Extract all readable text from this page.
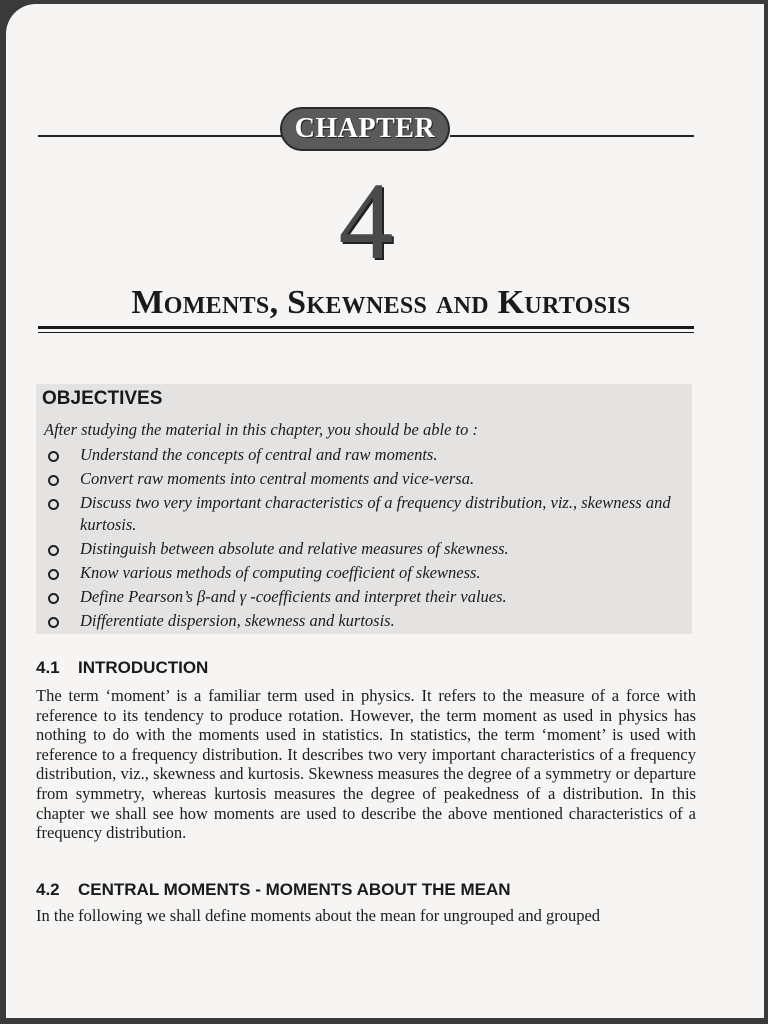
CHAPTER
4
Moments, Skewness and Kurtosis
OBJECTIVES
After studying the material in this chapter, you should be able to :
Understand the concepts of central and raw moments.
Convert raw moments into central moments and vice-versa.
Discuss two very important characteristics of a frequency distribution, viz., skewness and kurtosis.
Distinguish between absolute and relative measures of skewness.
Know various methods of computing coefficient of skewness.
Define Pearson’s β-and γ -coefficients and interpret their values.
Differentiate dispersion, skewness and kurtosis.
4.1 INTRODUCTION

The term ‘moment’ is a familiar term used in physics. It refers to the measure of a force with reference to its tendency to produce rotation. However, the term moment as used in physics has nothing to do with the moments used in statistics. In statistics, the term ‘moment’ is used with reference to a frequency distribution. It describes two very important characteristics of a frequency distribution, viz., skewness and kurtosis. Skewness measures the degree of a symmetry or departure from symmetry, whereas kurtosis measures the degree of peakedness of a distribution. In this chapter we shall see how moments are used to describe the above mentioned characteristics of a frequency distribution.

4.2 CENTRAL MOMENTS - MOMENTS ABOUT THE MEAN

In the following we shall define moments about the mean for ungrouped and grouped
